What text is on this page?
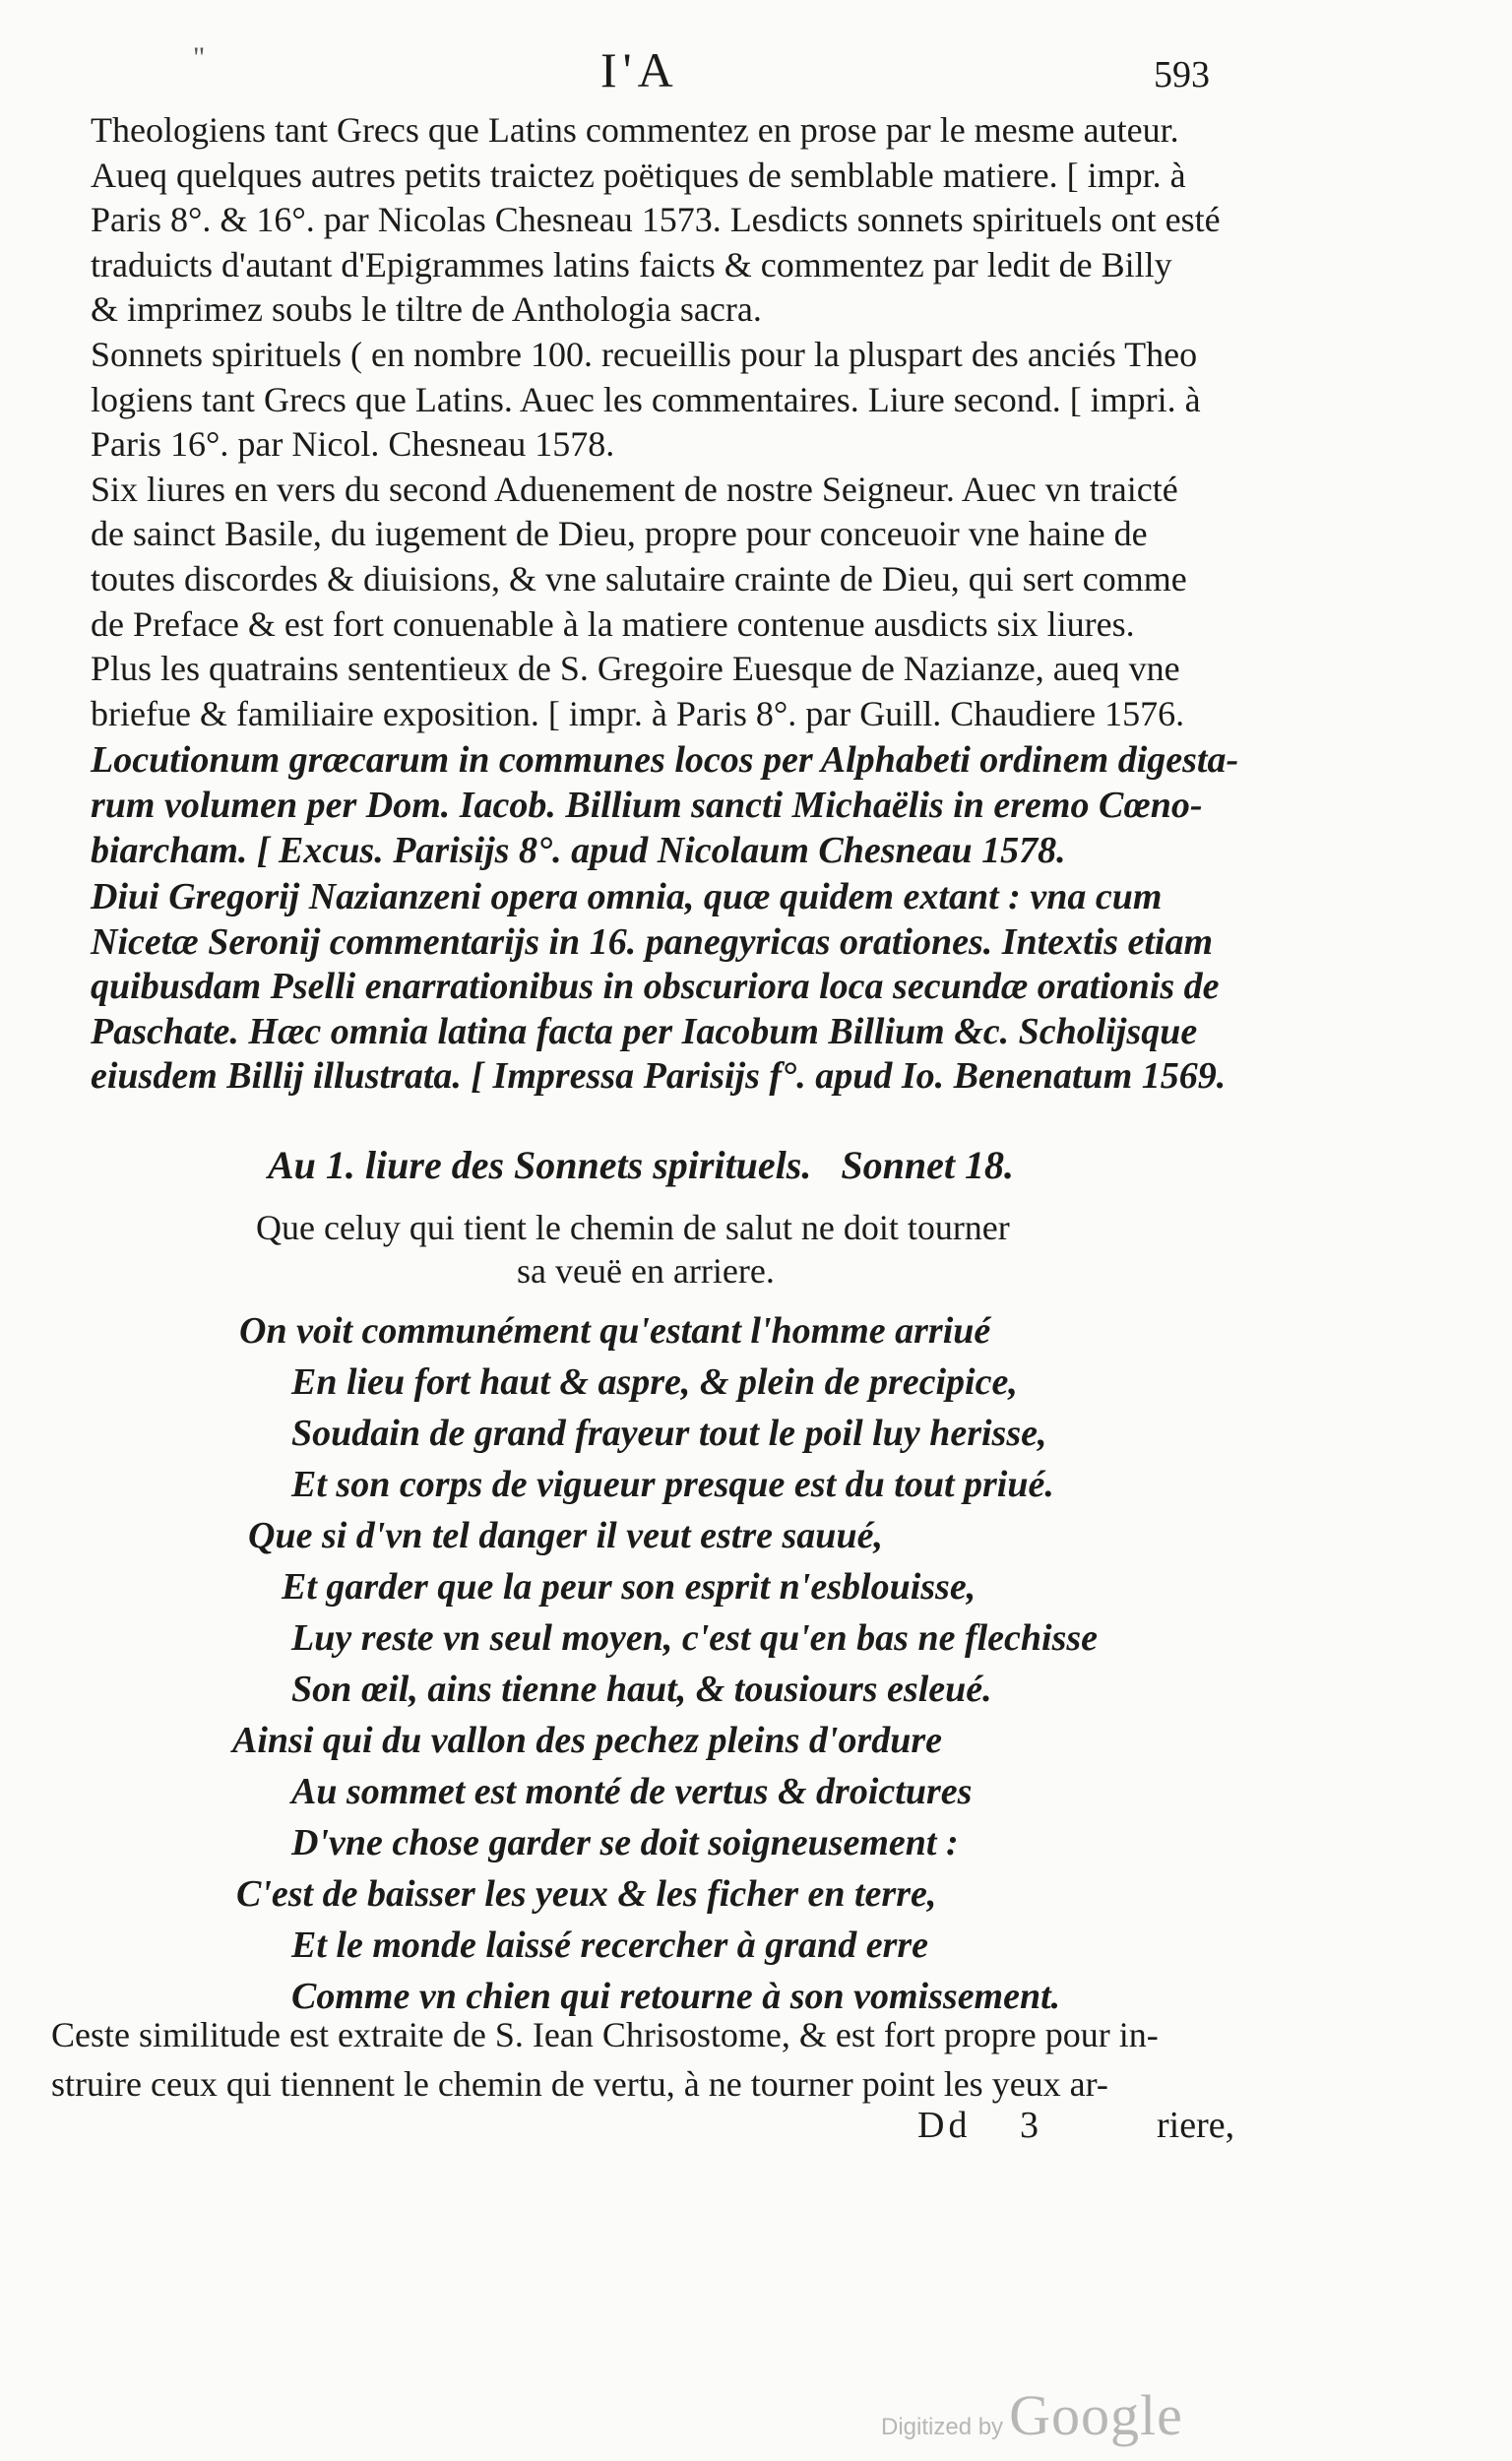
"	I'A	593

Theologiens tant Grecs que Latins commentez en prose par le mesme auteur.

Aueq quelques autres petits traictez poëtiques de semblable matiere. [ impr. à

Paris 8°. & 16°. par Nicolas Chesneau 1573. Lesdicts sonnets spirituels ont esté

traduicts d'autant d'Epigrammes latins faicts & commentez par ledit de Billy

& imprimez soubs le tiltre de Anthologia sacra.

Sonnets spirituels ( en nombre 100. recueillis pour la pluspart des anciés Theo

logiens tant Grecs que Latins. Auec les commentaires. Liure second. [ impri. à

Paris 16°. par Nicol. Chesneau 1578.

Six liures en vers du second Aduenement de nostre Seigneur. Auec vn traicté

de sainct Basile, du iugement de Dieu, propre pour conceuoir vne haine de

toutes discordes & diuisions, & vne salutaire crainte de Dieu, qui sert comme

de Preface & est fort conuenable à la matiere contenue ausdicts six liures.

Plus les quatrains sententieux de S. Gregoire Euesque de Nazianze, aueq vne

briefue & familiaire exposition. [ impr. à Paris 8°. par Guill. Chaudiere 1576.

Locutionum græcarum in communes locos per Alphabeti ordinem digesta-

rum volumen per Dom. Iacob. Billium sancti Michaëlis in eremo Cœno-

biarcham. [ Excus. Parisijs 8°. apud Nicolaum Chesneau 1578.

Diui Gregorij Nazianzeni opera omnia, quæ quidem extant : vna cum

Nicetæ Seronij commentarijs in 16. panegyricas orationes. Intextis etiam

quibusdam Pselli enarrationibus in obscuriora loca secundæ orationis de

Paschate. Hæc omnia latina facta per Iacobum Billium &c. Scholijsque

eiusdem Billij illustrata. [ Impressa Parisijs f°. apud Io. Benenatum 1569.

Au 1. liure des Sonnets spirituels. Sonnet 18.

Que celuy qui tient le chemin de salut ne doit tourner

sa veuë en arriere.

On voit communément qu'estant l'homme arriué

En lieu fort haut & aspre, & plein de precipice,

Soudain de grand frayeur tout le poil luy herisse,

Et son corps de vigueur presque est du tout priué.

Que si d'vn tel danger il veut estre sauué,

Et garder que la peur son esprit n'esblouisse,

Luy reste vn seul moyen, c'est qu'en bas ne flechisse

Son œil, ains tienne haut, & tousiours esleué.

Ainsi qui du vallon des pechez pleins d'ordure

Au sommet est monté de vertus & droictures

D'vne chose garder se doit soigneusement :

C'est de baisser les yeux & les ficher en terre,

Et le monde laissé recercher à grand erre

Comme vn chien qui retourne à son vomissement.

Ceste similitude est extraite de S. Iean Chrisostome, & est fort propre pour in-

struire ceux qui tiennent le chemin de vertu, à ne tourner point les yeux ar-

Dd 3	riere,
Digitized by Google
